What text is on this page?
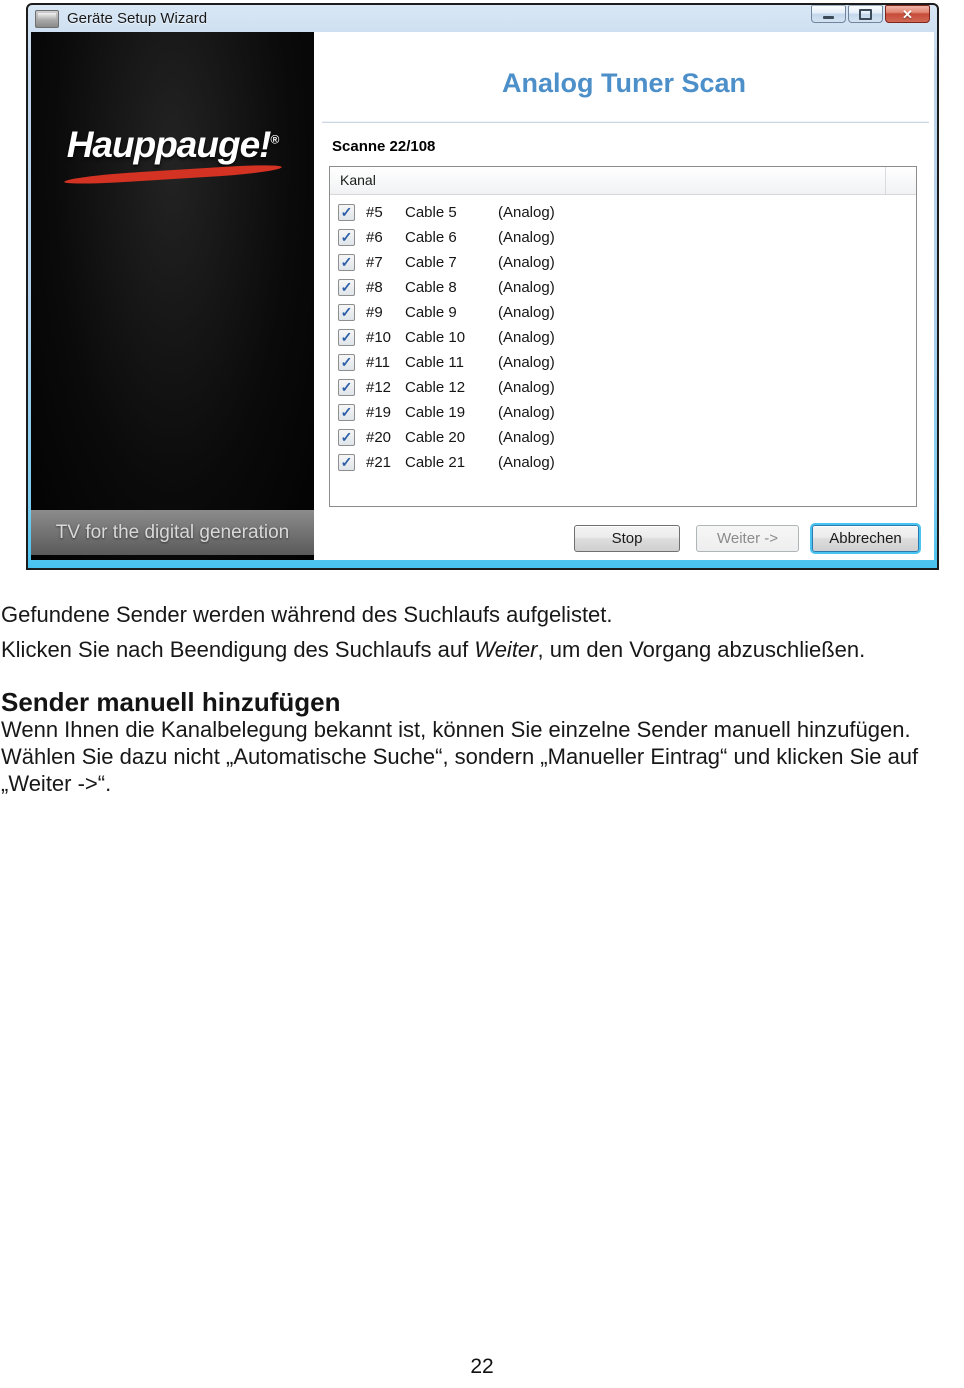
Geräte Setup Wizard	✕
Hauppauge!®
TV for the digital generation
Analog Tuner Scan
Scanne 22/108
Kanal
✓ #5	Cable 5	(Analog)
✓ #6	Cable 6	(Analog)
✓ #7	Cable 7	(Analog)
✓ #8	Cable 8	(Analog)
✓ #9	Cable 9	(Analog)
✓ #10 Cable 10	(Analog)
✓ #11	Cable 11	(Analog)
✓ #12 Cable 12	(Analog)
✓ #19 Cable 19	(Analog)
✓ #20 Cable 20	(Analog)
✓ #21 Cable 21	(Analog)
Stop	Weiter ->	Abbrechen

Gefundene Sender werden während des Suchlaufs aufgelistet.

Klicken Sie nach Beendigung des Suchlaufs auf Weiter, um den Vorgang abzuschließen.

Sender manuell hinzufügen

Wenn Ihnen die Kanalbelegung bekannt ist, können Sie einzelne Sender manuell hinzufügen. Wählen Sie dazu nicht „Automatische Suche“, sondern „Manueller Eintrag“ und klicken Sie auf „Weiter ->“.

22
